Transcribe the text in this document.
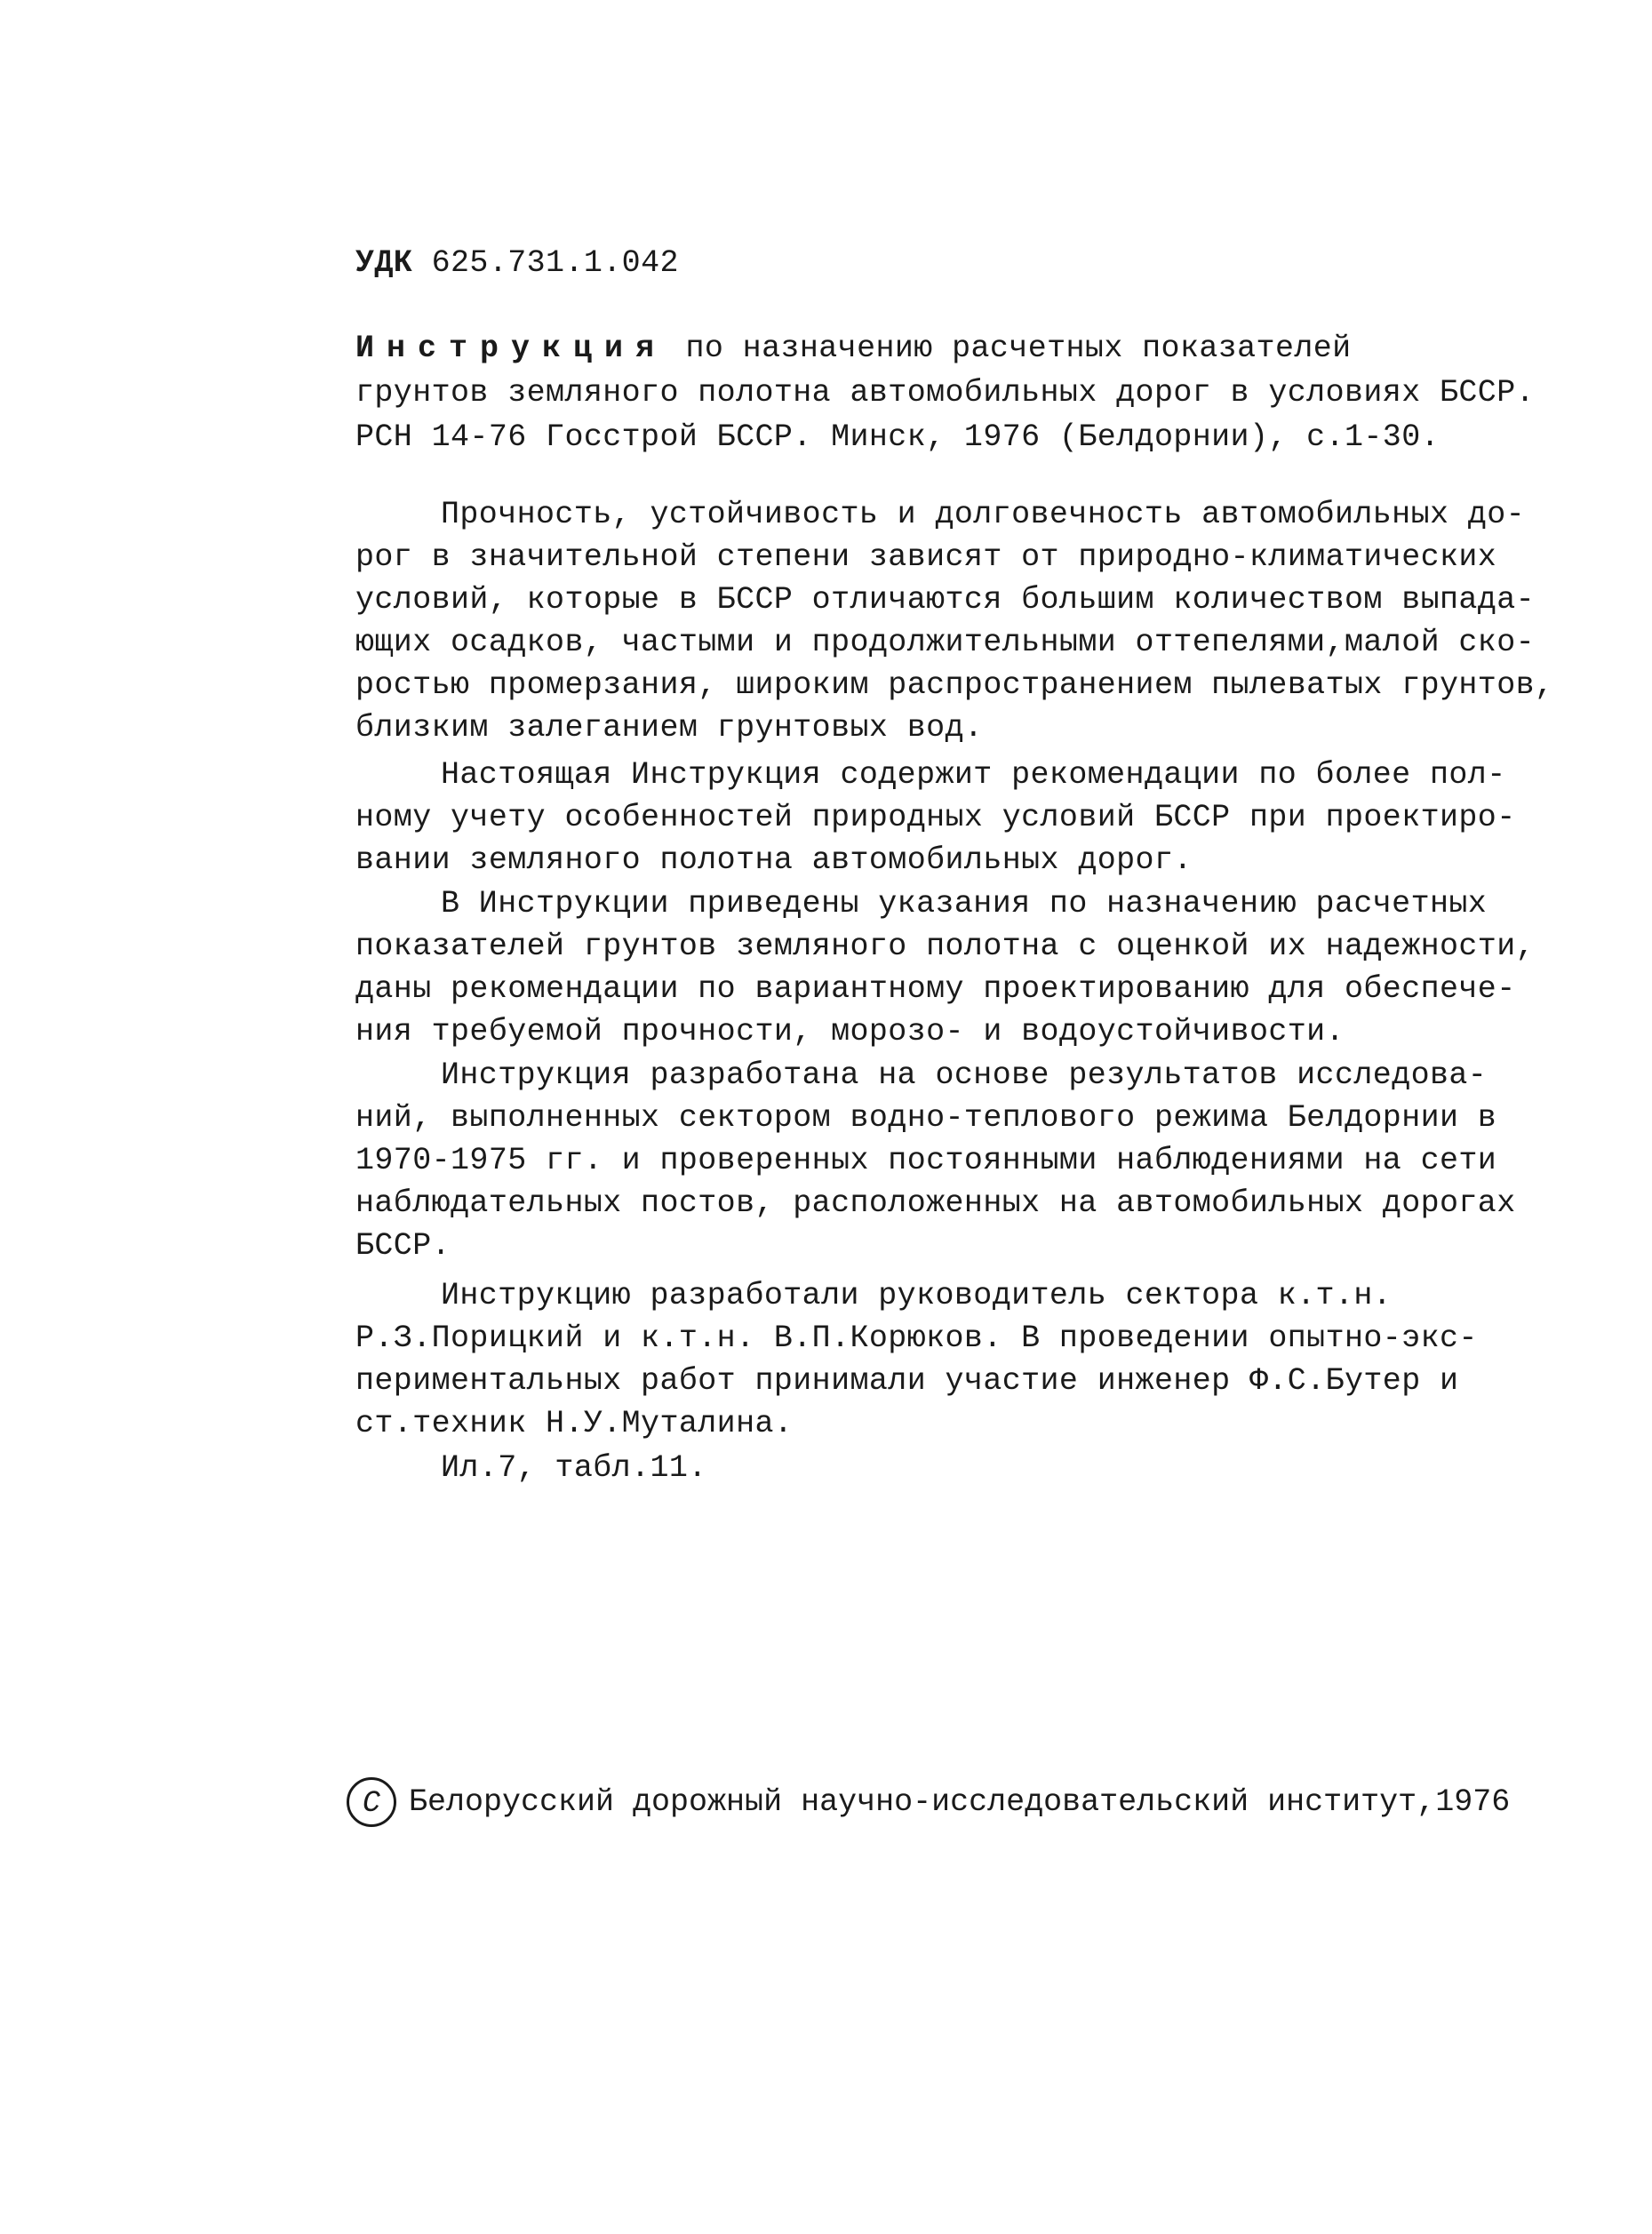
УДК 625.731.1.042
Инструкция по назначению расчетных показателей
грунтов земляного полотна автомобильных дорог в условиях БССР.
РСН 14-76 Госстрой БССР. Минск, 1976 (Белдорнии), с.1-30.
Прочность, устойчивость и долговечность автомобильных до-
рог в значительной степени зависят от природно-климатических
условий, которые в БССР отличаются большим количеством выпада-
ющих осадков, частыми и продолжительными оттепелями,малой ско-
ростью промерзания, широким распространением пылеватых грунтов,
близким залеганием грунтовых вод.
Настоящая Инструкция содержит рекомендации по более пол-
ному учету особенностей природных условий БССР при проектиро-
вании земляного полотна автомобильных дорог.
В Инструкции приведены указания по назначению расчетных
показателей грунтов земляного полотна с оценкой их надежности,
даны рекомендации по вариантному проектированию для обеспече-
ния требуемой прочности, морозо- и водоустойчивости.
Инструкция разработана на основе результатов исследова-
ний, выполненных сектором водно-теплового режима Белдорнии в
1970-1975 гг. и проверенных постоянными наблюдениями на сети
наблюдательных постов, расположенных на автомобильных дорогах
БССР.
Инструкцию разработали руководитель сектора к.т.н.
Р.З.Порицкий и к.т.н. В.П.Корюков. В проведении опытно-экс-
периментальных работ принимали участие инженер Ф.С.Бутер и
ст.техник Н.У.Муталина.
Ил.7, табл.11.
С Белорусский дорожный научно-исследовательский институт,1976
